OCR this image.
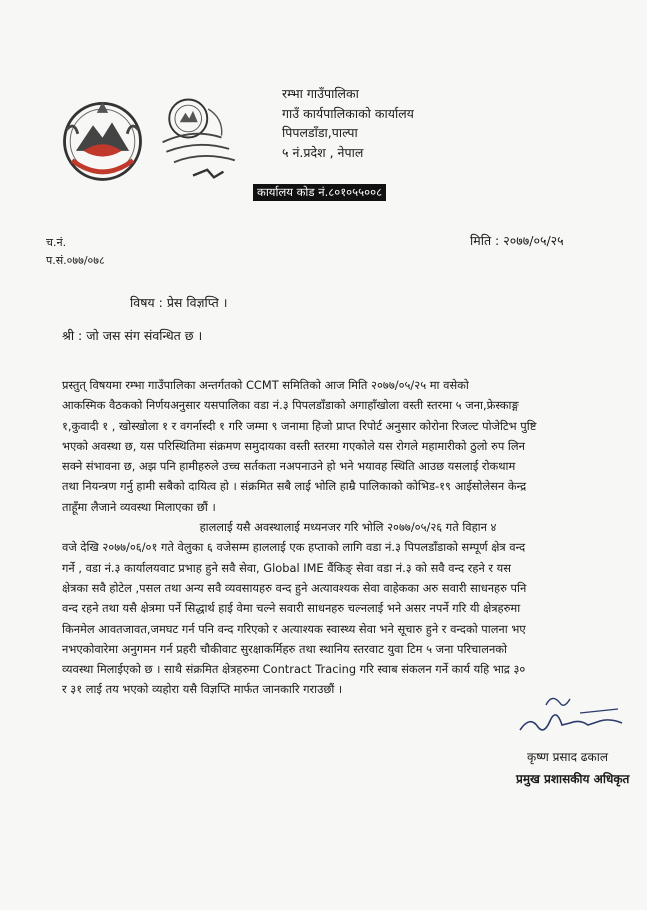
रम्भा गाउँपालिका
गाउँ कार्यपालिकाको कार्यालय
पिपलडाँडा,पाल्पा
५ नं.प्रदेश , नेपाल
कार्यालय कोड नं.८०१०५५००८
च.नं.
प.सं.०७७/०७८
मिति : २०७७/०५/२५
विषय : प्रेस विज्ञप्ति ।
श्री : जो जस संग संवन्धित छ ।
प्रस्तुत् विषयमा रम्भा गाउँपालिका अन्तर्गतको CCMT समितिको आज मिति २०७७/०५/२५ मा वसेको
आकस्मिक वैठकको निर्णयअनुसार यसपालिका वडा नं.३ पिपलडाँडाको अगाहाँखोला वस्ती स्तरमा ५ जना,फ्रेस्काङ्ग
१,कुवादी १ , खोस्खोला १ र वगर्नास्दी १ गरि जम्मा ९ जनामा हिजो प्राप्त रिपोर्ट अनुसार कोरोना रिजल्ट पोजेटिभ पुष्टि
भएको अवस्था छ, यस परिस्थितिमा संक्रमण समुदायका वस्ती स्तरमा गएकोले यस रोगले महामारीको ठुलो रुप लिन
सक्ने संभावना छ, अझ पनि हामीहरुले उच्च सर्तकता नअपनाउने हो भने भयावह स्थिति आउछ यसलाई रोकथाम
तथा नियन्त्रण गर्नु हामी सबैको दायित्व हो । संक्रमित सबै लाई भोलि हाम्रै पालिकाको कोभिड-१९ आईसोलेसन केन्द्र
ताहूँमा लैजाने व्यवस्था मिलाएका छौं ।
हाललाई यसै अवस्थालाई मध्यनजर गरि भोलि २०७७/०५/२६ गते विहान ४
वजे देखि २०७७/०६/०१ गते वेलुका ६ वजेसम्म हाललाई एक हप्ताको लागि वडा नं.३ पिपलडाँडाको सम्पूर्ण क्षेत्र वन्द
गर्ने , वडा नं.३ कार्यालयवाट प्रभाह हुने सवै सेवा, Global IME वैंकिङ् सेवा वडा नं.३ को सवै वन्द रहने र यस
क्षेत्रका सवै होटेल ,पसल तथा अन्य सवै व्यवसायहरु वन्द हुने अत्यावश्यक सेवा वाहेकका अरु सवारी साधनहरु पनि
वन्द रहने तथा यसै क्षेत्रमा पर्ने सिद्धार्थ हाई वेमा चल्ने सवारी साधनहरु चल्नलाई भने असर नपर्ने गरि यी क्षेत्रहरुमा
किनमेल आवतजावत,जमघट गर्न पनि वन्द गरिएको र अत्याश्यक स्वास्थ्य सेवा भने सूचारु हुने र वन्दको पालना भए
नभएकोवारेमा अनुगमन गर्न प्रहरी चौकीवाट सुरक्षाकर्मिहरु तथा स्थानिय स्तरवाट युवा टिम ५ जना परिचालनको
व्यवस्था मिलाईएको छ । साथै संक्रमित क्षेत्रहरुमा Contract Tracing गरि स्वाब संकलन गर्ने कार्य यहि भाद्र ३०
र ३१ लाई तय भएको व्यहोरा यसै विज्ञप्ति मार्फत जानकारि गराउछौं ।
कृष्ण प्रसाद ढकाल
प्रमुख प्रशासकीय अधिकृत
